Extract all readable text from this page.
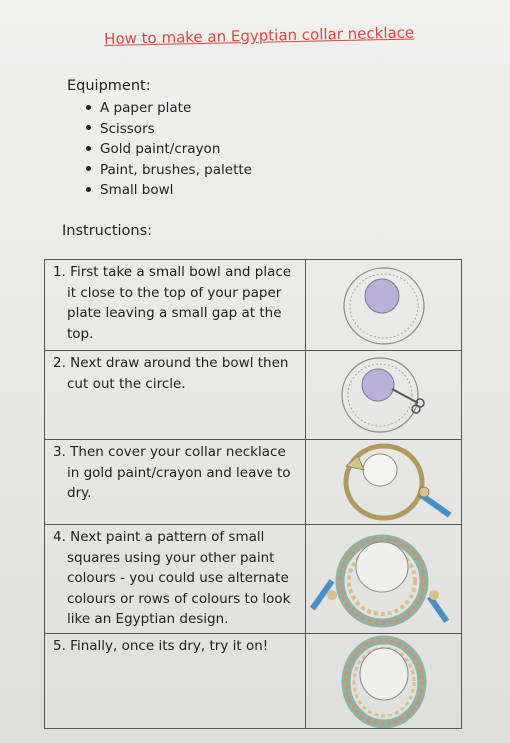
How to make an Egyptian collar necklace
Equipment:
A paper plate
Scissors
Gold paint/crayon
Paint, brushes, palette
Small bowl
Instructions:
1. First take a small bowl and place it close to the top of your paper plate leaving a small gap at the top.

2. Next draw around the bowl then cut out the circle.

3. Then cover your collar necklace in gold paint/crayon and leave to dry.

4. Next paint a pattern of small squares using your other paint colours - you could use alternate colours or rows of colours to look like an Egyptian design.

5. Finally, once its dry, try it on!
